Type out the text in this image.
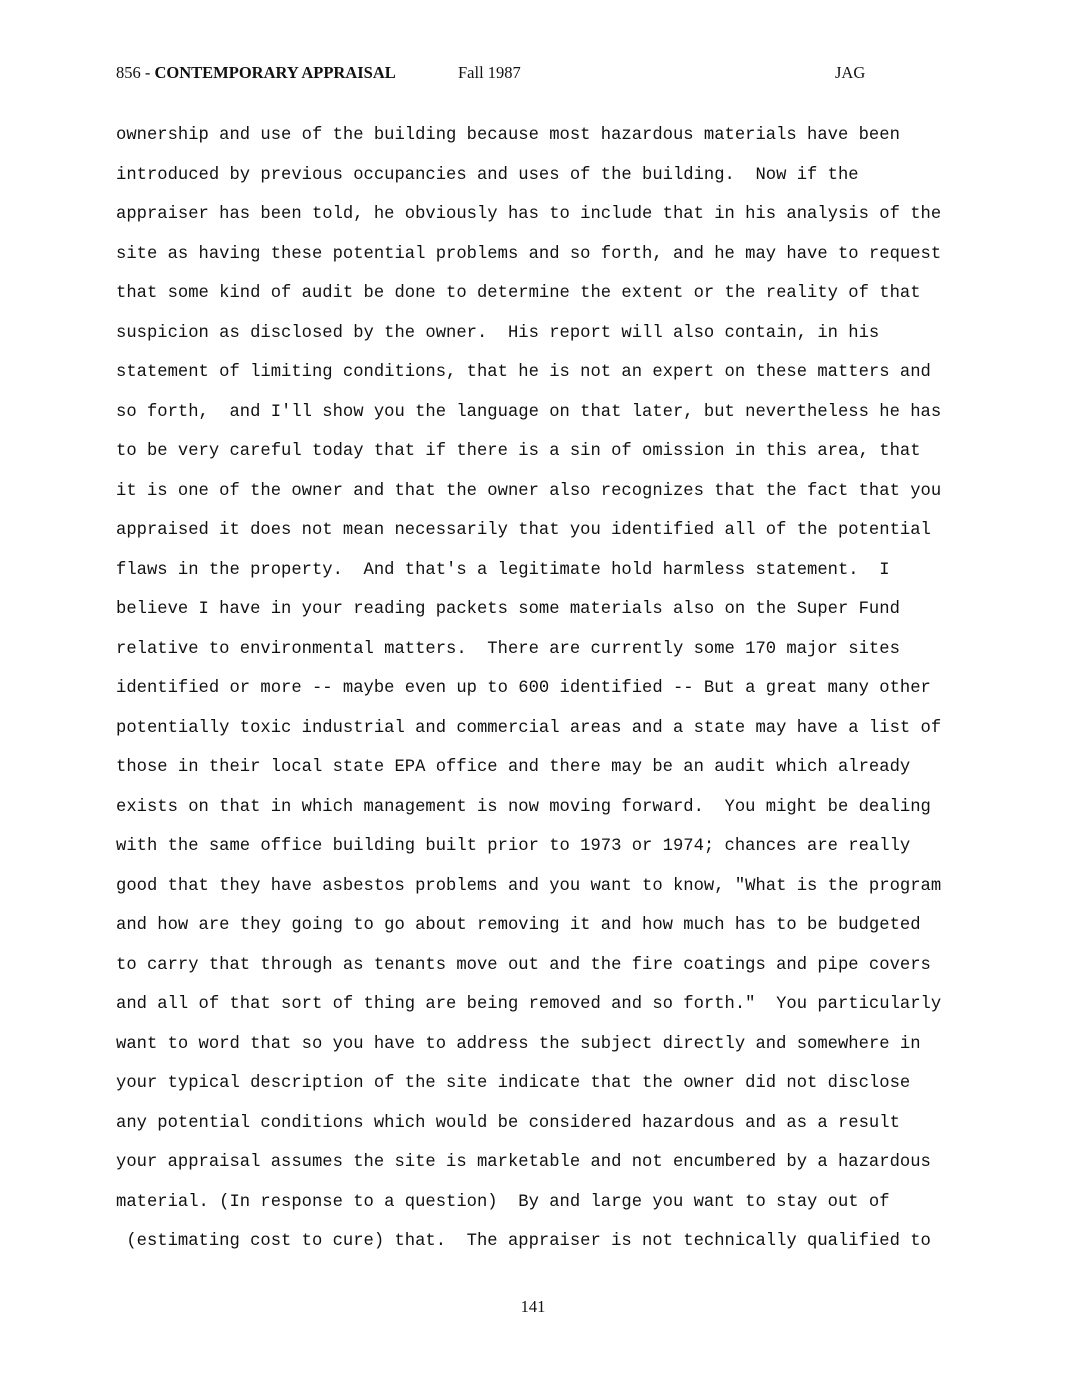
856 - CONTEMPORARY APPRAISAL	Fall 1987	JAG
ownership and use of the building because most hazardous materials have been
introduced by previous occupancies and uses of the building.  Now if the
appraiser has been told, he obviously has to include that in his analysis of the
site as having these potential problems and so forth, and he may have to request
that some kind of audit be done to determine the extent or the reality of that
suspicion as disclosed by the owner.  His report will also contain, in his
statement of limiting conditions, that he is not an expert on these matters and
so forth,  and I'll show you the language on that later, but nevertheless he has
to be very careful today that if there is a sin of omission in this area, that
it is one of the owner and that the owner also recognizes that the fact that you
appraised it does not mean necessarily that you identified all of the potential
flaws in the property.  And that's a legitimate hold harmless statement.  I
believe I have in your reading packets some materials also on the Super Fund
relative to environmental matters.  There are currently some 170 major sites
identified or more -- maybe even up to 600 identified -- But a great many other
potentially toxic industrial and commercial areas and a state may have a list of
those in their local state EPA office and there may be an audit which already
exists on that in which management is now moving forward.  You might be dealing
with the same office building built prior to 1973 or 1974; chances are really
good that they have asbestos problems and you want to know, "What is the program
and how are they going to go about removing it and how much has to be budgeted
to carry that through as tenants move out and the fire coatings and pipe covers
and all of that sort of thing are being removed and so forth."  You particularly
want to word that so you have to address the subject directly and somewhere in
your typical description of the site indicate that the owner did not disclose
any potential conditions which would be considered hazardous and as a result
your appraisal assumes the site is marketable and not encumbered by a hazardous
material. (In response to a question)  By and large you want to stay out of
(estimating cost to cure) that.  The appraiser is not technically qualified to
141
